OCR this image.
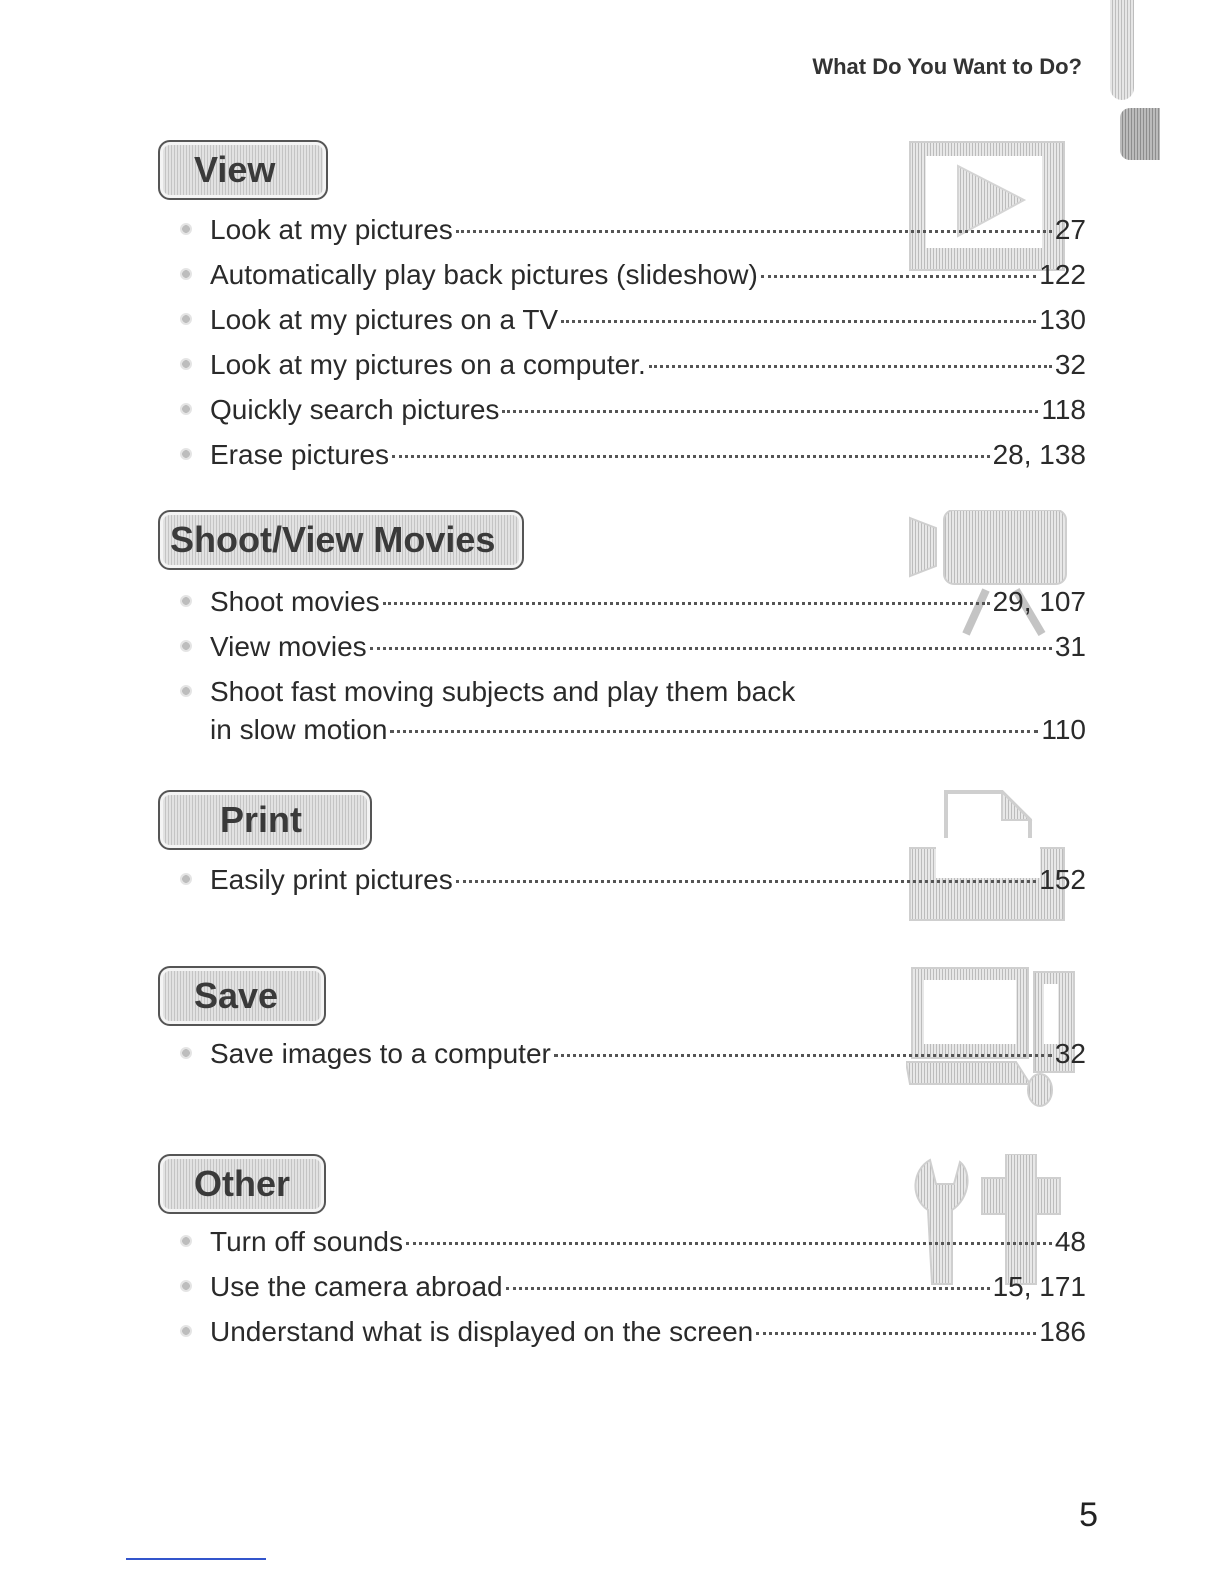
What Do You Want to Do?
View
Look at my pictures	27
Automatically play back pictures (slideshow)	122
Look at my pictures on a TV	130
Look at my pictures on a computer.	32
Quickly search pictures	118
Erase pictures	28, 138
Shoot/View Movies
Shoot movies	29, 107
View movies	31
Shoot fast moving subjects and play them back
in slow motion	110
Print
Easily print pictures	152
Save
Save images to a computer	32
Other
Turn off sounds	48
Use the camera abroad	15, 171
Understand what is displayed on the screen	186
5
